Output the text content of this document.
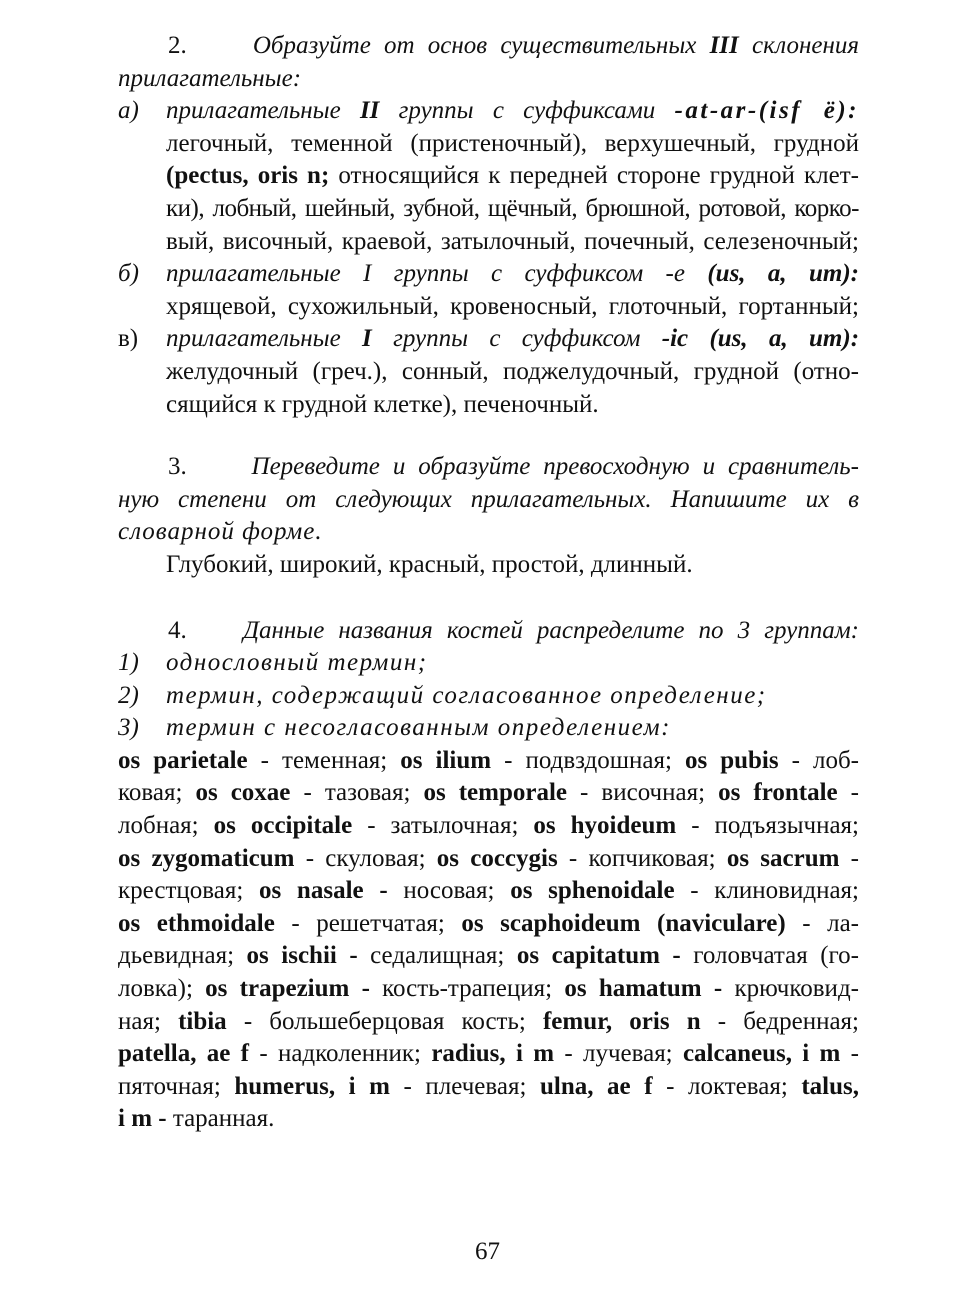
2.	Образуйте от основ существительных III склонения
прилагательные:
а)	прилагательные II группы с суффиксами -at-ar-(isf ё):
легочный, теменной (пристеночный), верхушечный, грудной
(pectus, oris n; относящийся к передней стороне грудной клет-
ки), лобный, шейный, зубной, щёчный, брюшной, ротовой, корко-
вый, височный, краевой, затылочный, почечный, селезеночный;
б)	прилагательные I группы с суффиксом -е (us, a, um):
хрящевой, сухожильный, кровеносный, глоточный, гортанный;
в)	прилагательные I группы с суффиксом -ic (us, a, um):
желудочный (греч.), сонный, поджелудочный, грудной (отно-
сящийся к грудной клетке), печеночный.
3.	Переведите и образуйте превосходную и сравнитель-
ную степени от следующих прилагательных. Напишите их в
словарной форме.
Глубокий, широкий, красный, простой, длинный.
4. Данные названия костей распределите по 3 группам:
1)	однословный термин;
2)	термин, содержащий согласованное определение;
3)	термин с несогласованным определением:
os parietale - теменная; os ilium - подвздошная; os pubis - лоб-
ковая; os coxae - тазовая; os temporale - височная; os frontale -
лобная; os occipitale - затылочная; os hyoideum - подъязычная;
os zygomaticum - скуловая; os coccygis - копчиковая; os sacrum -
крестцовая; os nasale - носовая; os sphenoidale - клиновидная;
os ethmoidale - решетчатая; os scaphoideum (naviculare) - ла-
дьевидная; os ischii - седалищная; os capitatum - головчатая (го-
ловка); os trapezium - кость-трапеция; os hamatum - крючковид-
ная; tibia - большеберцовая кость; femur, oris n - бедренная;
patella, ae f - надколенник; radius, i m - лучевая; calcaneus, i m -
пяточная; humerus, i m - плечевая; ulna, ae f - локтевая; talus,
i m - таранная.
67
